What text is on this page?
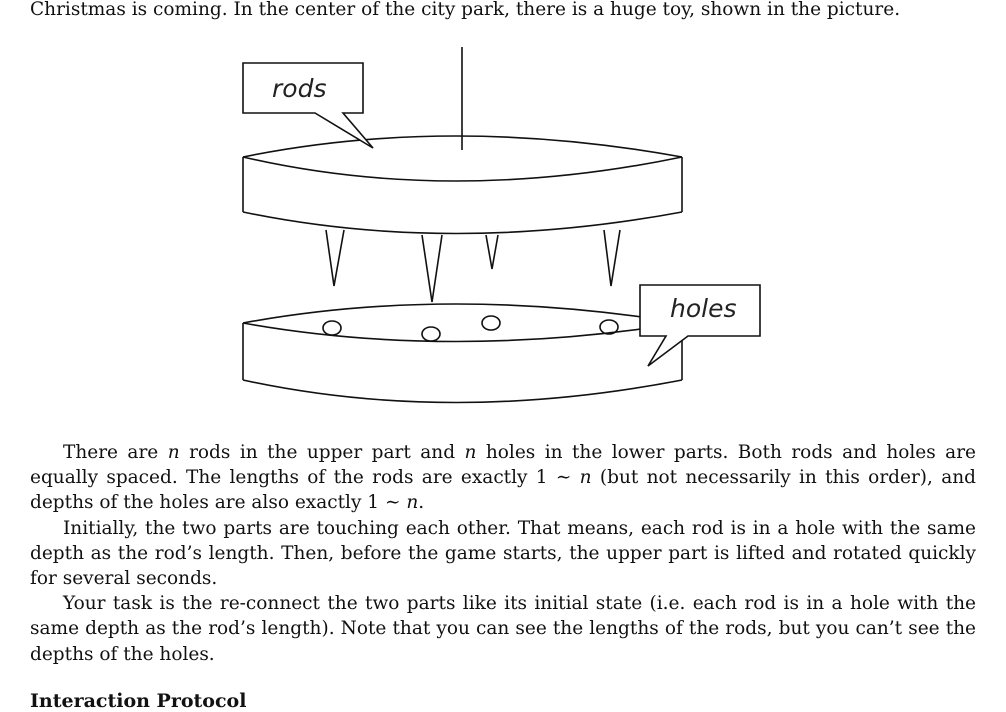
Christmas is coming. In the center of the city park, there is a huge toy, shown in the picture.
rods
holes

There are n rods in the upper part and n holes in the lower parts. Both rods and holes are equally spaced. The lengths of the rods are exactly 1 ∼ n (but not necessarily in this order), and depths of the holes are also exactly 1 ∼ n.

Initially, the two parts are touching each other. That means, each rod is in a hole with the same depth as the rod’s length. Then, before the game starts, the upper part is lifted and rotated quickly for several seconds.

Your task is the re-connect the two parts like its initial state (i.e. each rod is in a hole with the same depth as the rod’s length). Note that you can see the lengths of the rods, but you can’t see the depths of the holes.

Interaction Protocol
